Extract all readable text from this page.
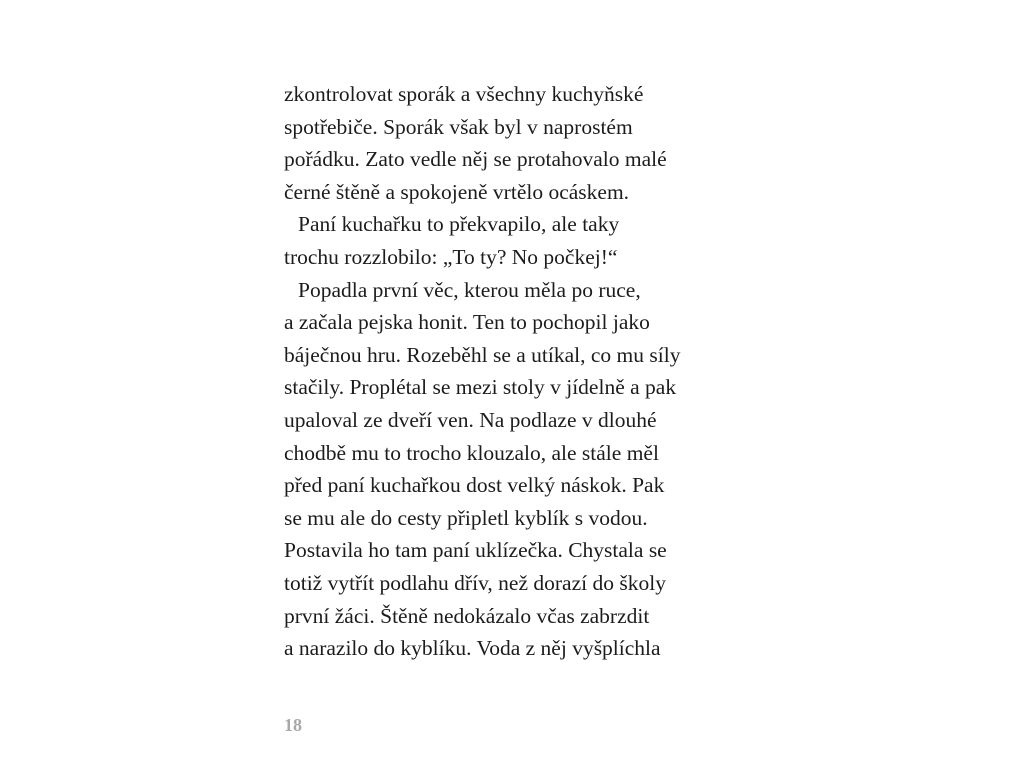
zkontrolovat sporák a všechny kuchyňské
spotřebiče. Sporák však byl v naprostém
pořádku. Zato vedle něj se protahovalo malé
černé štěně a spokojeně vrtělo ocáskem.
Paní kuchařku to překvapilo, ale taky
trochu rozzlobilo: „To ty? No počkej!“
Popadla první věc, kterou měla po ruce,
a začala pejska honit. Ten to pochopil jako
báječnou hru. Rozeběhl se a utíkal, co mu síly
stačily. Proplétal se mezi stoly v jídelně a pak
upaloval ze dveří ven. Na podlaze v dlouhé
chodbě mu to trocho klouzalo, ale stále měl
před paní kuchařkou dost velký náskok. Pak
se mu ale do cesty připletl kyblík s vodou.
Postavila ho tam paní uklízečka. Chystala se
totiž vytřít podlahu dřív, než dorazí do školy
první žáci. Štěně nedokázalo včas zabrzdit
a narazilo do kyblíku. Voda z něj vyšplíchla
18
